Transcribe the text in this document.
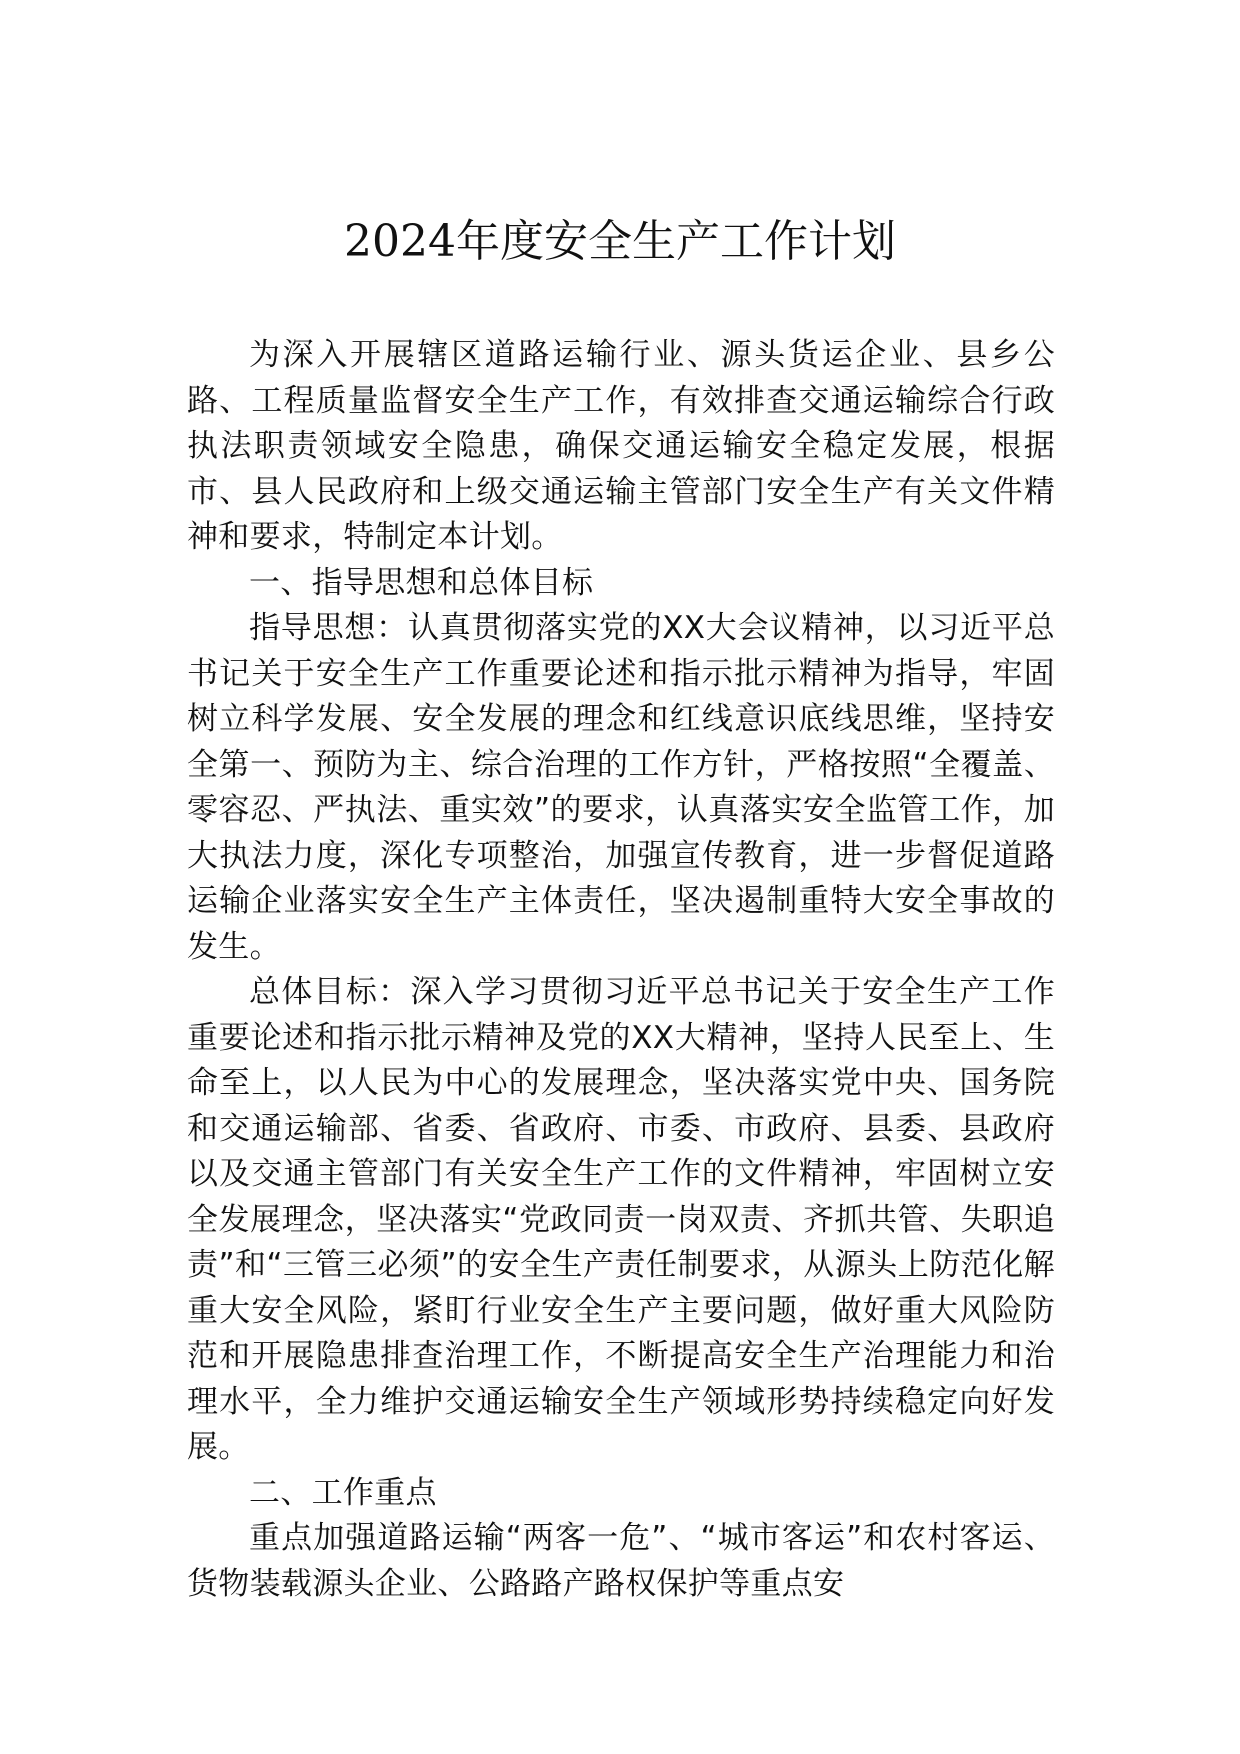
2024年度安全生产工作计划

为深入开展辖区道路运输行业、源头货运企业、县乡公路、工程质量监督安全生产工作，有效排查交通运输综合行政执法职责领域安全隐患，确保交通运输安全稳定发展，根据市、县人民政府和上级交通运输主管部门安全生产有关文件精神和要求，特制定本计划。

一、指导思想和总体目标

指导思想：认真贯彻落实党的XX大会议精神，以习近平总书记关于安全生产工作重要论述和指示批示精神为指导，牢固树立科学发展、安全发展的理念和红线意识底线思维，坚持安全第一、预防为主、综合治理的工作方针，严格按照“全覆盖、零容忍、严执法、重实效”的要求，认真落实安全监管工作，加大执法力度，深化专项整治，加强宣传教育，进一步督促道路运输企业落实安全生产主体责任，坚决遏制重特大安全事故的发生。

总体目标：深入学习贯彻习近平总书记关于安全生产工作重要论述和指示批示精神及党的XX大精神，坚持人民至上、生命至上，以人民为中心的发展理念，坚决落实党中央、国务院和交通运输部、省委、省政府、市委、市政府、县委、县政府以及交通主管部门有关安全生产工作的文件精神，牢固树立安全发展理念，坚决落实“党政同责一岗双责、齐抓共管、失职追责”和“三管三必须”的安全生产责任制要求，从源头上防范化解重大安全风险，紧盯行业安全生产主要问题，做好重大风险防范和开展隐患排查治理工作，不断提高安全生产治理能力和治理水平，全力维护交通运输安全生产领域形势持续稳定向好发展。

二、工作重点

重点加强道路运输“两客一危”、“城市客运”和农村客运、货物装载源头企业、公路路产路权保护等重点安
